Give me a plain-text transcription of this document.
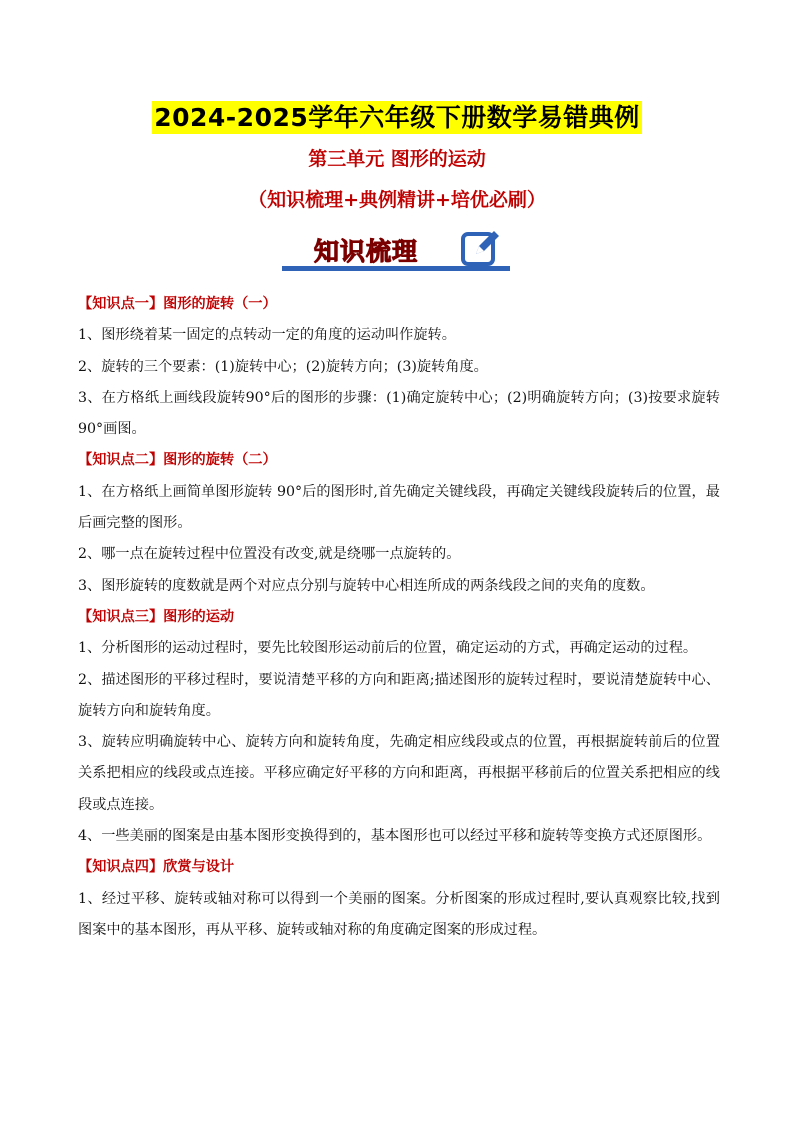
2024-2025学年六年级下册数学易错典例
第三单元 图形的运动
（知识梳理+典例精讲+培优必刷）
知识梳理

【知识点一】图形的旋转（一）

1、图形绕着某一固定的点转动一定的角度的运动叫作旋转。

2、旋转的三个要素：(1)旋转中心；(2)旋转方向；(3)旋转角度。

3、在方格纸上画线段旋转90°后的图形的步骤：(1)确定旋转中心；(2)明确旋转方向；(3)按要求旋转 90°画图。

【知识点二】图形的旋转（二）

1、在方格纸上画简单图形旋转 90°后的图形时,首先确定关键线段，再确定关键线段旋转后的位置，最后画完整的图形。

2、哪一点在旋转过程中位置没有改变,就是绕哪一点旋转的。

3、图形旋转的度数就是两个对应点分别与旋转中心相连所成的两条线段之间的夹角的度数。

【知识点三】图形的运动

1、分析图形的运动过程时，要先比较图形运动前后的位置，确定运动的方式，再确定运动的过程。

2、描述图形的平移过程时，要说清楚平移的方向和距离;描述图形的旋转过程时，要说清楚旋转中心、旋转方向和旋转角度。

3、旋转应明确旋转中心、旋转方向和旋转角度，先确定相应线段或点的位置，再根据旋转前后的位置关系把相应的线段或点连接。平移应确定好平移的方向和距离，再根据平移前后的位置关系把相应的线段或点连接。

4、一些美丽的图案是由基本图形变换得到的，基本图形也可以经过平移和旋转等变换方式还原图形。

【知识点四】欣赏与设计

1、经过平移、旋转或轴对称可以得到一个美丽的图案。分析图案的形成过程时,要认真观察比较,找到图案中的基本图形，再从平移、旋转或轴对称的角度确定图案的形成过程。
